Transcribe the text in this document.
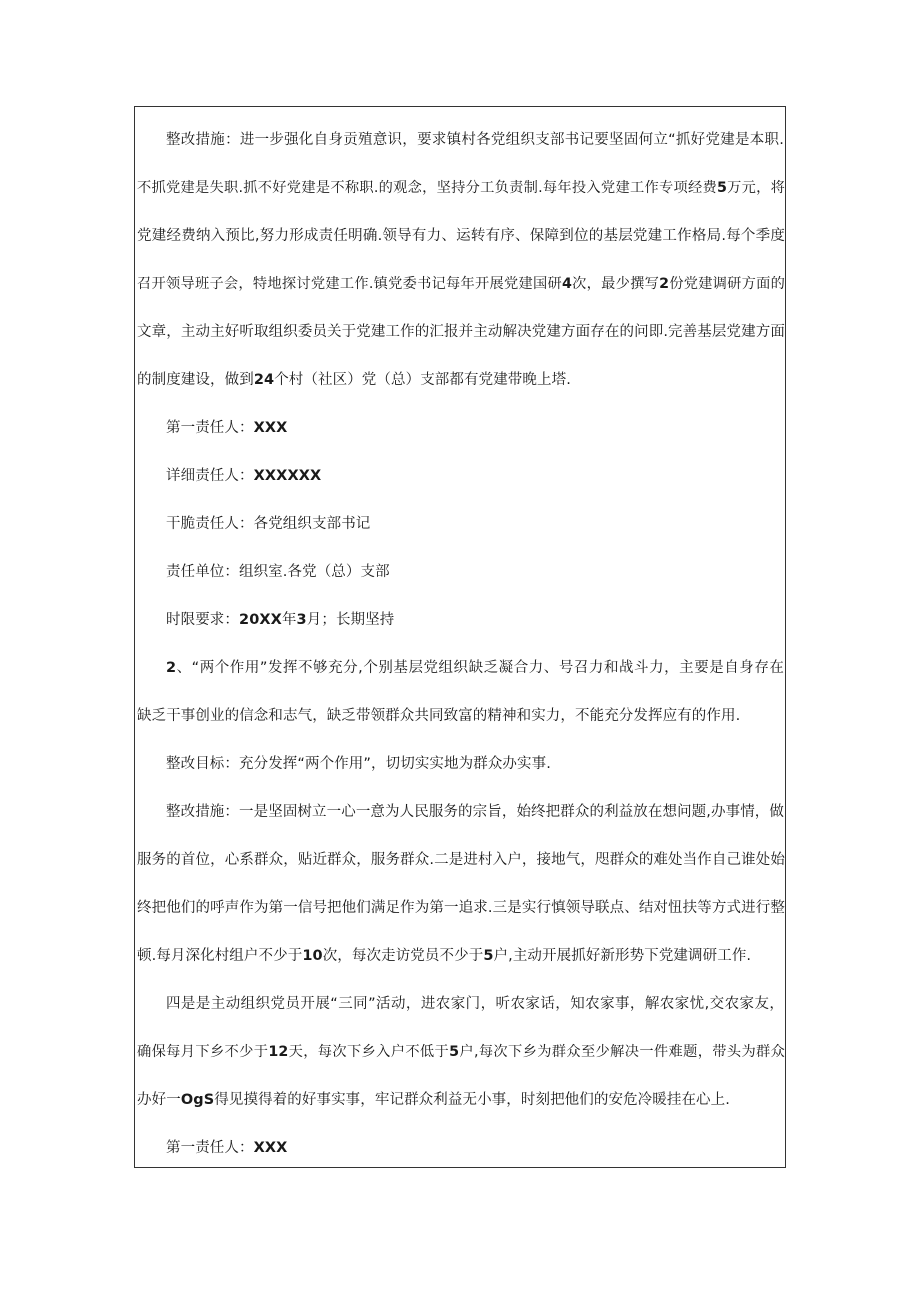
整改措施：进一步强化自身贡殖意识，要求镇村各党组织支部书记要坚固何立“抓好党建是本职.
不抓党建是失职.抓不好党建是不称职.的观念，坚持分工负责制.每年投入党建工作专项经费5万元，将
党建经费纳入预比,努力形成责任明确.领导有力、运转有序、保障到位的基层党建工作格局.每个季度
召开领导班子会，特地探讨党建工作.镇党委书记每年开展党建国研4次，最少撰写2份党建调研方面的
文章，主动主好听取组织委员关于党建工作的汇报并主动解决党建方面存在的问即.完善基层党建方面
的制度建设，做到24个村（社区）党（总）支部都有党建带晚上塔.
第一责任人：XXX
详细责任人：XXXXXX
干脆责任人：各党组织支部书记
责任单位：组织室.各党（总）支部
时限要求：20XX年3月；长期坚持
2、“两个作用”发挥不够充分,个别基层党组织缺乏凝合力、号召力和战斗力，主要是自身存在
缺乏干事创业的信念和志气，缺乏带领群众共同致富的精神和实力，不能充分发挥应有的作用.
整改目标：充分发挥“两个作用”，切切实实地为群众办实事.
整改措施：一是坚固树立一心一意为人民服务的宗旨，始终把群众的利益放在想问题,办事情，做
服务的首位，心系群众，贴近群众，服务群众.二是进村入户，接地气，咫群众的难处当作自己谁处始
终把他们的呼声作为第一信号把他们满足作为第一追求.三是实行慎领导联点、结对忸扶等方式进行整
顿.每月深化村组户不少于10次，每次走访党员不少于5户,主动开展抓好新形势下党建调研工作.
四是是主动组织党员开展“三同”活动，进农家门，听农家话，知农家事，解农家忧,交农家友，
确保每月下乡不少于12天，每次下乡入户不低于5户,每次下乡为群众至少解决一件难题，带头为群众
办好一OgS得见摸得着的好事实事，牢记群众利益无小事，时刻把他们的安危冷暖挂在心上.
第一责任人：XXX
